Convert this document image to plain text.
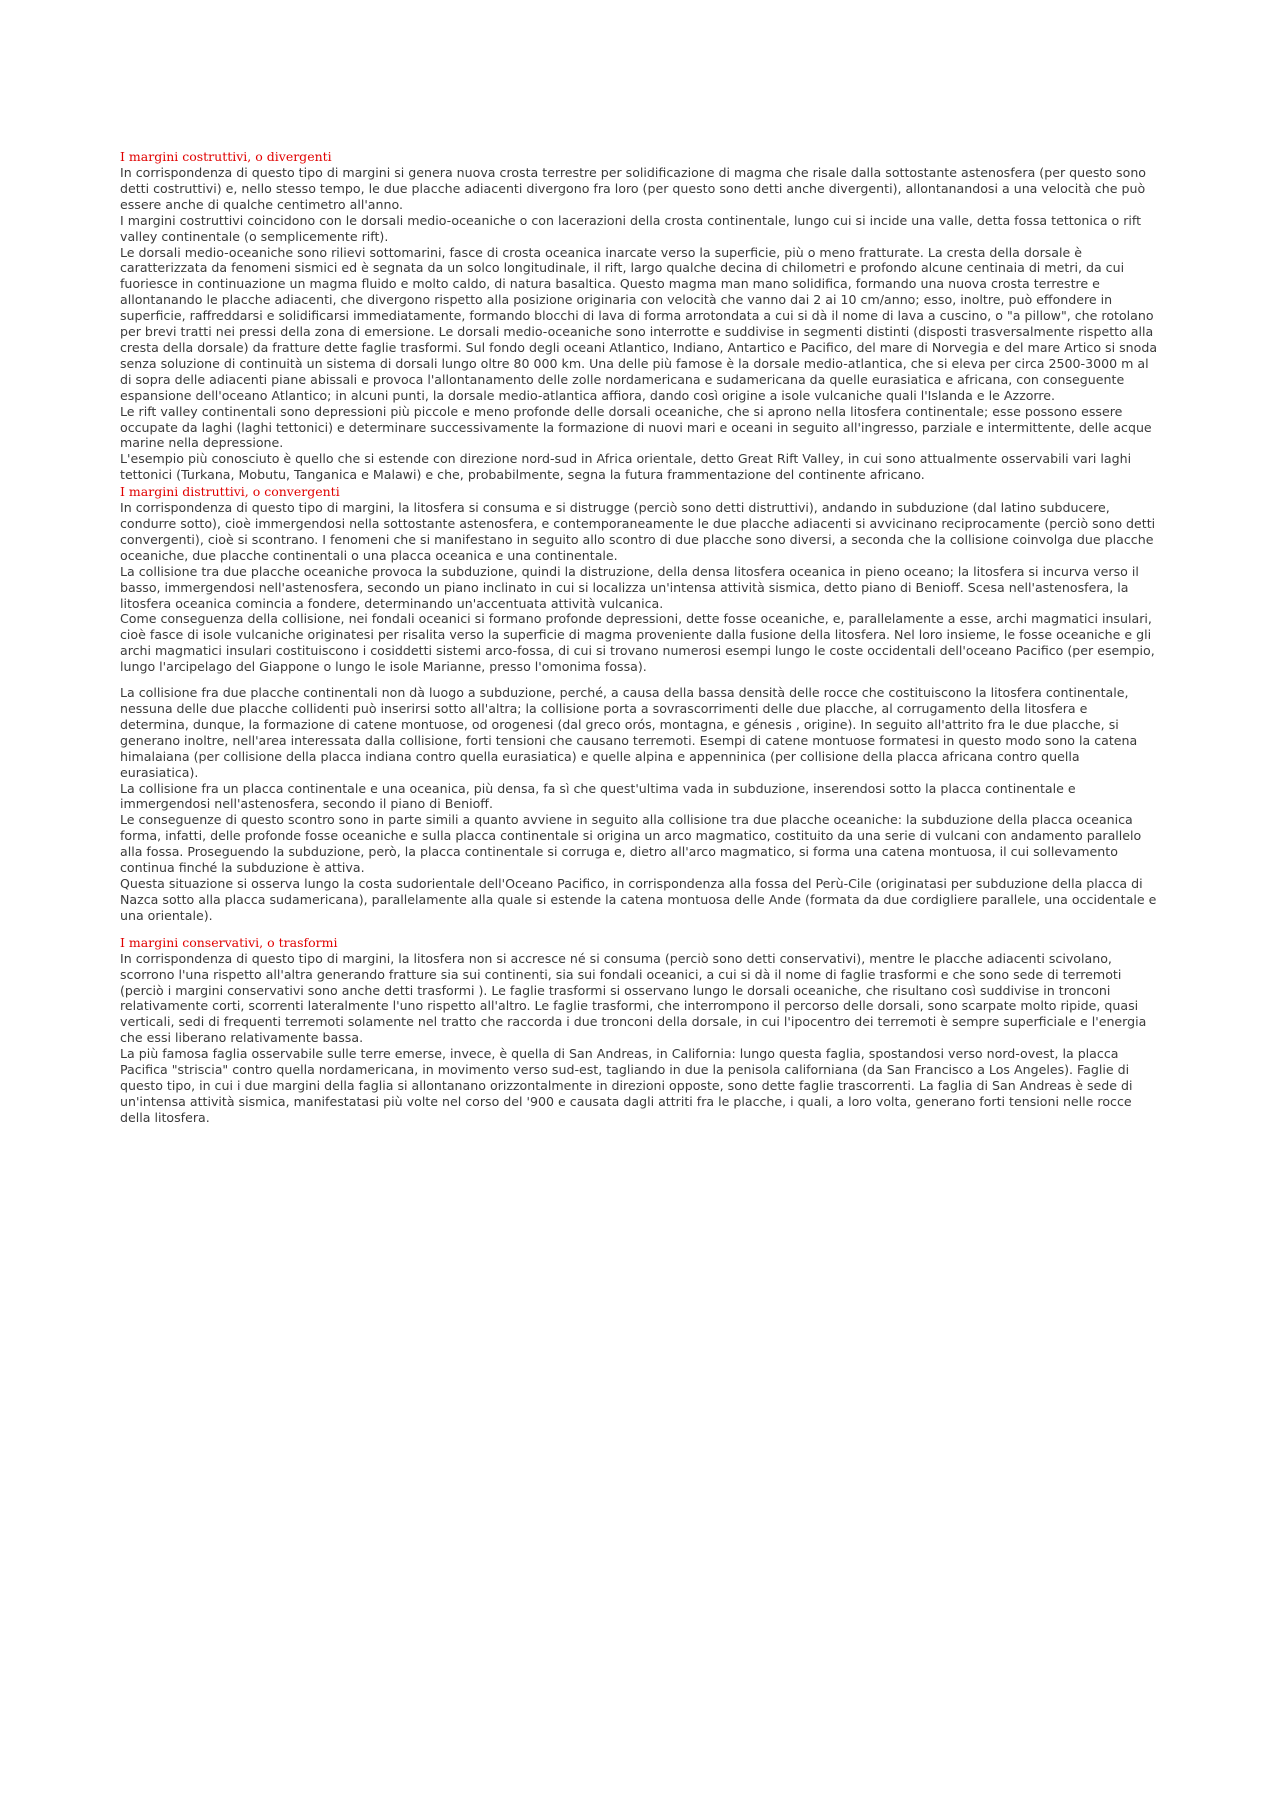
I margini costruttivi, o divergenti

In corrispondenza di questo tipo di margini si genera nuova crosta terrestre per solidificazione di magma che risale dalla sottostante astenosfera (per questo sono detti costruttivi) e, nello stesso tempo, le due placche adiacenti divergono fra loro (per questo sono detti anche divergenti), allontanandosi a una velocità che può essere anche di qualche centimetro all'anno.

I margini costruttivi coincidono con le dorsali medio-oceaniche o con lacerazioni della crosta continentale, lungo cui si incide una valle, detta fossa tettonica o rift valley continentale (o semplicemente rift).

Le dorsali medio-oceaniche sono rilievi sottomarini, fasce di crosta oceanica inarcate verso la superficie, più o meno fratturate. La cresta della dorsale è caratterizzata da fenomeni sismici ed è segnata da un solco longitudinale, il rift, largo qualche decina di chilometri e profondo alcune centinaia di metri, da cui fuoriesce in continuazione un magma fluido e molto caldo, di natura basaltica. Questo magma man mano solidifica, formando una nuova crosta terrestre e allontanando le placche adiacenti, che divergono rispetto alla posizione originaria con velocità che vanno dai 2 ai 10 cm/anno; esso, inoltre, può effondere in superficie, raffreddarsi e solidificarsi immediatamente, formando blocchi di lava di forma arrotondata a cui si dà il nome di lava a cuscino, o "a pillow", che rotolano per brevi tratti nei pressi della zona di emersione. Le dorsali medio-oceaniche sono interrotte e suddivise in segmenti distinti (disposti trasversalmente rispetto alla cresta della dorsale) da fratture dette faglie trasformi. Sul fondo degli oceani Atlantico, Indiano, Antartico e Pacifico, del mare di Norvegia e del mare Artico si snoda senza soluzione di continuità un sistema di dorsali lungo oltre 80 000 km. Una delle più famose è la dorsale medio-atlantica, che si eleva per circa 2500-3000 m al di sopra delle adiacenti piane abissali e provoca l'allontanamento delle zolle nordamericana e sudamericana da quelle eurasiatica e africana, con conseguente espansione dell'oceano Atlantico; in alcuni punti, la dorsale medio-atlantica affiora, dando così origine a isole vulcaniche quali l'Islanda e le Azzorre.

Le rift valley continentali sono depressioni più piccole e meno profonde delle dorsali oceaniche, che si aprono nella litosfera continentale; esse possono essere occupate da laghi (laghi tettonici) e determinare successivamente la formazione di nuovi mari e oceani in seguito all'ingresso, parziale e intermittente, delle acque marine nella depressione.

L'esempio più conosciuto è quello che si estende con direzione nord-sud in Africa orientale, detto Great Rift Valley, in cui sono attualmente osservabili vari laghi tettonici (Turkana, Mobutu, Tanganica e Malawi) e che, probabilmente, segna la futura frammentazione del continente africano.

I margini distruttivi, o convergenti

In corrispondenza di questo tipo di margini, la litosfera si consuma e si distrugge (perciò sono detti distruttivi), andando in subduzione (dal latino subducere, condurre sotto), cioè immergendosi nella sottostante astenosfera, e contemporaneamente le due placche adiacenti si avvicinano reciprocamente (perciò sono detti convergenti), cioè si scontrano. I fenomeni che si manifestano in seguito allo scontro di due placche sono diversi, a seconda che la collisione coinvolga due placche oceaniche, due placche continentali o una placca oceanica e una continentale.

La collisione tra due placche oceaniche provoca la subduzione, quindi la distruzione, della densa litosfera oceanica in pieno oceano; la litosfera si incurva verso il basso, immergendosi nell'astenosfera, secondo un piano inclinato in cui si localizza un'intensa attività sismica, detto piano di Benioff. Scesa nell'astenosfera, la litosfera oceanica comincia a fondere, determinando un'accentuata attività vulcanica.

Come conseguenza della collisione, nei fondali oceanici si formano profonde depressioni, dette fosse oceaniche, e, parallelamente a esse, archi magmatici insulari, cioè fasce di isole vulcaniche originatesi per risalita verso la superficie di magma proveniente dalla fusione della litosfera. Nel loro insieme, le fosse oceaniche e gli archi magmatici insulari costituiscono i cosiddetti sistemi arco-fossa, di cui si trovano numerosi esempi lungo le coste occidentali dell'oceano Pacifico (per esempio, lungo l'arcipelago del Giappone o lungo le isole Marianne, presso l'omonima fossa).

La collisione fra due placche continentali non dà luogo a subduzione, perché, a causa della bassa densità delle rocce che costituiscono la litosfera continentale, nessuna delle due placche collidenti può inserirsi sotto all'altra; la collisione porta a sovrascorrimenti delle due placche, al corrugamento della litosfera e determina, dunque, la formazione di catene montuose, od orogenesi (dal greco orós, montagna, e génesis , origine). In seguito all'attrito fra le due placche, si generano inoltre, nell'area interessata dalla collisione, forti tensioni che causano terremoti. Esempi di catene montuose formatesi in questo modo sono la catena himalaiana (per collisione della placca indiana contro quella eurasiatica) e quelle alpina e appenninica (per collisione della placca africana contro quella eurasiatica).

La collisione fra un placca continentale e una oceanica, più densa, fa sì che quest'ultima vada in subduzione, inserendosi sotto la placca continentale e immergendosi nell'astenosfera, secondo il piano di Benioff.

Le conseguenze di questo scontro sono in parte simili a quanto avviene in seguito alla collisione tra due placche oceaniche: la subduzione della placca oceanica forma, infatti, delle profonde fosse oceaniche e sulla placca continentale si origina un arco magmatico, costituito da una serie di vulcani con andamento parallelo alla fossa. Proseguendo la subduzione, però, la placca continentale si corruga e, dietro all'arco magmatico, si forma una catena montuosa, il cui sollevamento continua finché la subduzione è attiva.

Questa situazione si osserva lungo la costa sudorientale dell'Oceano Pacifico, in corrispondenza alla fossa del Perù-Cile (originatasi per subduzione della placca di Nazca sotto alla placca sudamericana), parallelamente alla quale si estende la catena montuosa delle Ande (formata da due cordigliere parallele, una occidentale e una orientale).

I margini conservativi, o trasformi

In corrispondenza di questo tipo di margini, la litosfera non si accresce né si consuma (perciò sono detti conservativi), mentre le placche adiacenti scivolano, scorrono l'una rispetto all'altra generando fratture sia sui continenti, sia sui fondali oceanici, a cui si dà il nome di faglie trasformi e che sono sede di terremoti (perciò i margini conservativi sono anche detti trasformi ). Le faglie trasformi si osservano lungo le dorsali oceaniche, che risultano così suddivise in tronconi relativamente corti, scorrenti lateralmente l'uno rispetto all'altro. Le faglie trasformi, che interrompono il percorso delle dorsali, sono scarpate molto ripide, quasi verticali, sedi di frequenti terremoti solamente nel tratto che raccorda i due tronconi della dorsale, in cui l'ipocentro dei terremoti è sempre superficiale e l'energia che essi liberano relativamente bassa.

La più famosa faglia osservabile sulle terre emerse, invece, è quella di San Andreas, in California: lungo questa faglia, spostandosi verso nord-ovest, la placca Pacifica "striscia" contro quella nordamericana, in movimento verso sud-est, tagliando in due la penisola californiana (da San Francisco a Los Angeles). Faglie di questo tipo, in cui i due margini della faglia si allontanano orizzontalmente in direzioni opposte, sono dette faglie trascorrenti. La faglia di San Andreas è sede di un'intensa attività sismica, manifestatasi più volte nel corso del '900 e causata dagli attriti fra le placche, i quali, a loro volta, generano forti tensioni nelle rocce della litosfera.
